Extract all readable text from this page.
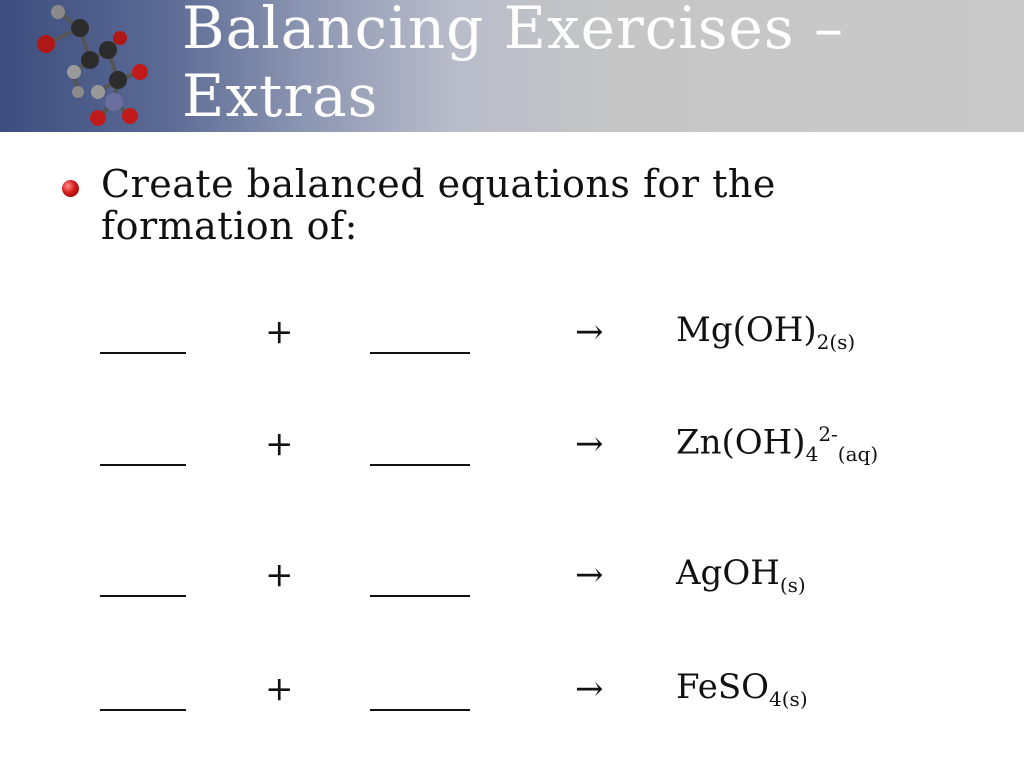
Balancing Exercises – Extras
Create balanced equations for the formation of:
+	→ $Mg(OH)_{2(s)}$
+	→ $Zn(OH)_4^{2-}_{(aq)}$
+	→ AgOH$_{(s)}$
+	→ FeSO$_{4(s)}$
